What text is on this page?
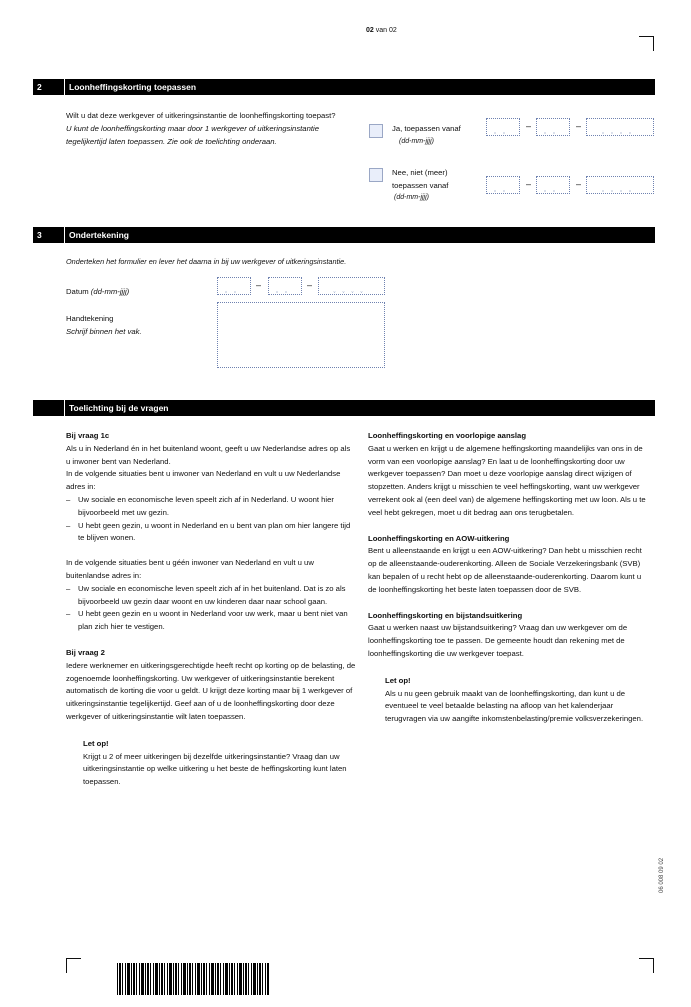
02 van 02
06 008 09 02
2	Loonheffingskorting toepassen
Wilt u dat deze werkgever of uitkeringsinstantie de loonheffingskorting toepast? U kunt de loonheffingskorting maar door 1 werkgever of uitkeringsinstantie tegelijkertijd laten toepassen. Zie ook de toelichting onderaan.
Ja, toepassen vanaf
(dd-mm-jjjj)
ˬˬ	–	ˬˬ	–	ˬˬˬˬ
Nee, niet (meer)
toepassen vanaf
(dd-mm-jjjj)
ˬˬ	–	ˬˬ	–	ˬˬˬˬ
3	Ondertekening
Onderteken het formulier en lever het daarna in bij uw werkgever of uitkeringsinstantie.
Datum (dd-mm-jjjj)	ˬˬ	–	ˬˬ	–	ˬˬˬˬ
Handtekening
Schrijf binnen het vak.
Toelichting bij de vragen

Bij vraag 1c

Als u in Nederland én in het buitenland woont, geeft u uw Nederlandse adres op als u inwoner bent van Nederland.

In de volgende situaties bent u inwoner van Nederland en vult u uw Nederlandse adres in:

– Uw sociale en economische leven speelt zich af in Nederland. U woont hier bijvoorbeeld met uw gezin.
– U hebt geen gezin, u woont in Nederland en u bent van plan om hier langere tijd te blijven wonen.

In de volgende situaties bent u géén inwoner van Nederland en vult u uw buitenlandse adres in:

– Uw sociale en economische leven speelt zich af in het buitenland. Dat is zo als bijvoorbeeld uw gezin daar woont en uw kinderen daar naar school gaan.
– U hebt geen gezin en u woont in Nederland voor uw werk, maar u bent niet van plan zich hier te vestigen.

Bij vraag 2

Iedere werknemer en uitkeringsgerechtigde heeft recht op korting op de belasting, de zogenoemde loonheffingskorting. Uw werkgever of uitkeringsinstantie berekent automatisch de korting die voor u geldt. U krijgt deze korting maar bij 1 werkgever of uitkeringsinstantie tegelijkertijd. Geef aan of u de loonheffingskorting door deze werkgever of uitkeringsinstantie wilt laten toepassen.

Let op!

Krijgt u 2 of meer uitkeringen bij dezelfde uitkeringsinstantie? Vraag dan uw uitkeringsinstantie op welke uitkering u het beste de heffingskorting kunt laten toepassen.

Loonheffingskorting en voorlopige aanslag

Gaat u werken en krijgt u de algemene heffingskorting maandelijks van ons in de vorm van een voorlopige aanslag? En laat u de loonheffingskorting door uw werkgever toepassen? Dan moet u deze voorlopige aanslag direct wijzigen of stopzetten. Anders krijgt u misschien te veel heffingskorting, want uw werkgever verrekent ook al (een deel van) de algemene heffingskorting met uw loon. Als u te veel hebt gekregen, moet u dit bedrag aan ons terugbetalen.

Loonheffingskorting en AOW-uitkering

Bent u alleenstaande en krijgt u een AOW-uitkering? Dan hebt u misschien recht op de alleenstaande-ouderenkorting. Alleen de Sociale Verzekeringsbank (SVB) kan bepalen of u recht hebt op de alleenstaande-ouderenkorting. Daarom kunt u de loonheffingskorting het beste laten toepassen door de SVB.

Loonheffingskorting en bijstandsuitkering

Gaat u werken naast uw bijstandsuitkering? Vraag dan uw werkgever om de loonheffingskorting toe te passen. De gemeente houdt dan rekening met de loonheffingskorting die uw werkgever toepast.

Let op!

Als u nu geen gebruik maakt van de loonheffingskorting, dan kunt u de eventueel te veel betaalde belasting na afloop van het kalenderjaar terugvragen via uw aangifte inkomstenbelasting/premie volksverzekeringen.
